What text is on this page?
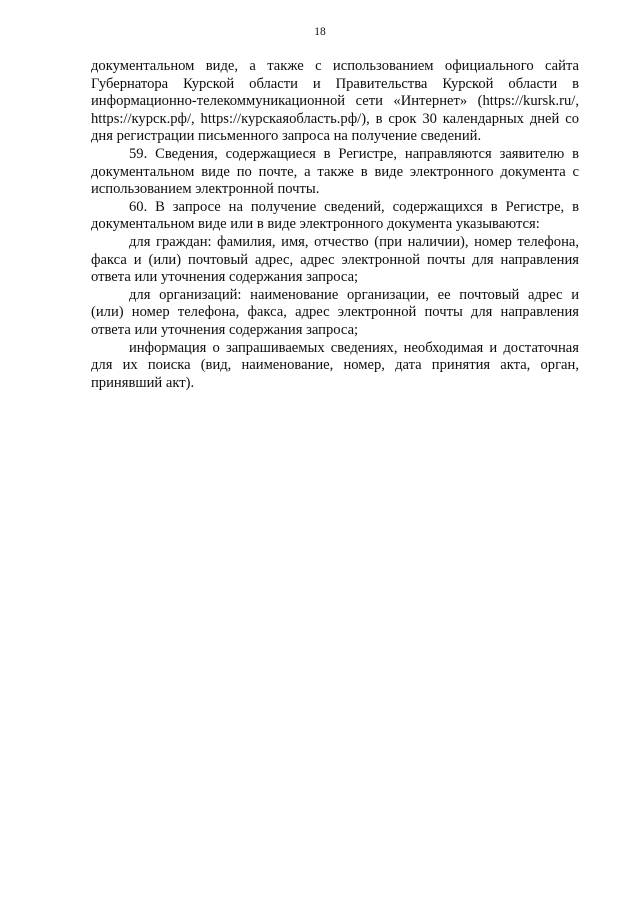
18

документальном виде, а также с использованием официального сайта Губернатора Курской области и Правительства Курской области в информационно-телекоммуникационной сети «Интернет» (https://kursk.ru/, https://курск.рф/, https://курскаяобласть.рф/), в срок 30 календарных дней со дня регистрации письменного запроса на получение сведений.

59. Сведения, содержащиеся в Регистре, направляются заявителю в документальном виде по почте, а также в виде электронного документа с использованием электронной почты.

60. В запросе на получение сведений, содержащихся в Регистре, в документальном виде или в виде электронного документа указываются:

для граждан: фамилия, имя, отчество (при наличии), номер телефона, факса и (или) почтовый адрес, адрес электронной почты для направления ответа или уточнения содержания запроса;

для организаций: наименование организации, ее почтовый адрес и (или) номер телефона, факса, адрес электронной почты для направления ответа или уточнения содержания запроса;

информация о запрашиваемых сведениях, необходимая и достаточная для их поиска (вид, наименование, номер, дата принятия акта, орган, принявший акт).
